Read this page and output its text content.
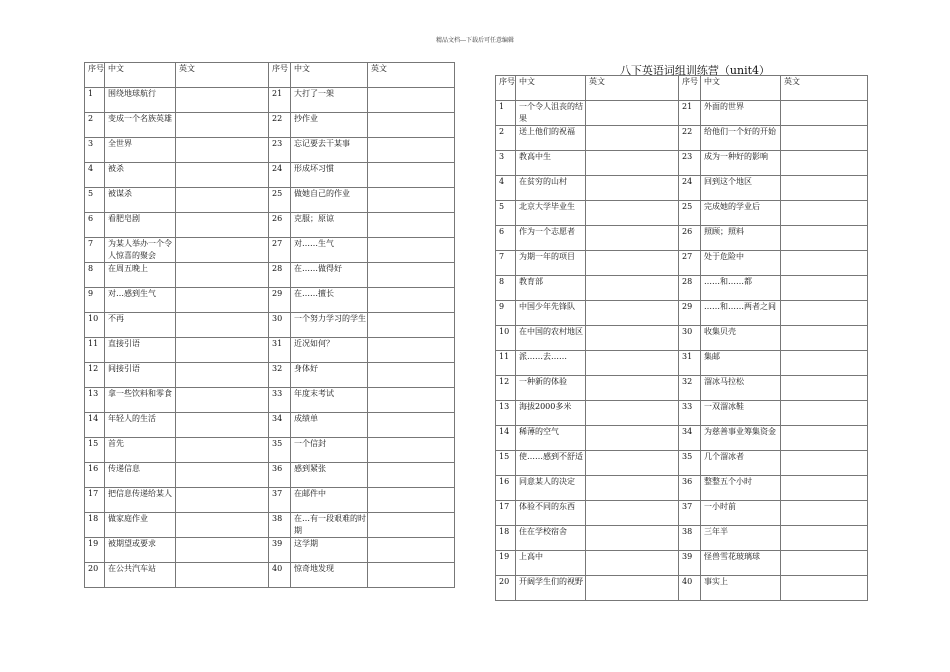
精品文档---下载后可任意编辑
八下英语词组训练营（unit4）
序号	中文	英文	序号	中文	英文
1	围绕地球航行		21	大打了一架	
2	变成一个名族英雄		22	抄作业	
3	全世界		23	忘记要去干某事	
4	被杀		24	形成坏习惯	
5	被谋杀		25	做她自己的作业	
6	看肥皂剧		26	克服；原谅	
7	为某人举办一个令人惊喜的聚会		27	对……生气	
8	在周五晚上		28	在……做得好	
9	对…感到生气		29	在……擅长	
10	不再		30	一个努力学习的学生	
11	直接引语		31	近况如何？	
12	间接引语		32	身体好	
13	拿一些饮料和零食		33	年度末考试	
14	年轻人的生活		34	成绩单	
15	首先		35	一个信封	
16	传递信息		36	感到紧张	
17	把信息传递给某人		37	在邮件中	
18	做家庭作业		38	在…有一段艰难的时期	
19	被期望或要求		39	这学期	
20	在公共汽车站		40	惊奇地发现	
序号	中文	英文	序号	中文	英文
1	一个令人沮丧的结果		21	外面的世界	
2	送上他们的祝福		22	给他们一个好的开始	
3	教高中生		23	成为一种好的影响	
4	在贫穷的山村		24	回到这个地区	
5	北京大学毕业生		25	完成她的学业后	
6	作为一个志愿者		26	照顾；照料	
7	为期一年的项目		27	处于危险中	
8	教育部		28	……和……都	
9	中国少年先锋队		29	……和……两者之间	
10	在中国的农村地区		30	收集贝壳	
11	派……去……		31	集邮	
12	一种新的体验		32	溜冰马拉松	
13	海拔2000多米		33	一双溜冰鞋	
14	稀薄的空气		34	为慈善事业筹集资金	
15	使……感到不舒适		35	几个溜冰者	
16	同意某人的决定		36	整整五个小时	
17	体验不同的东西		37	一小时前	
18	住在学校宿舍		38	三年半	
19	上高中		39	怪兽雪花玻璃球	
20	开阔学生们的视野		40	事实上	
